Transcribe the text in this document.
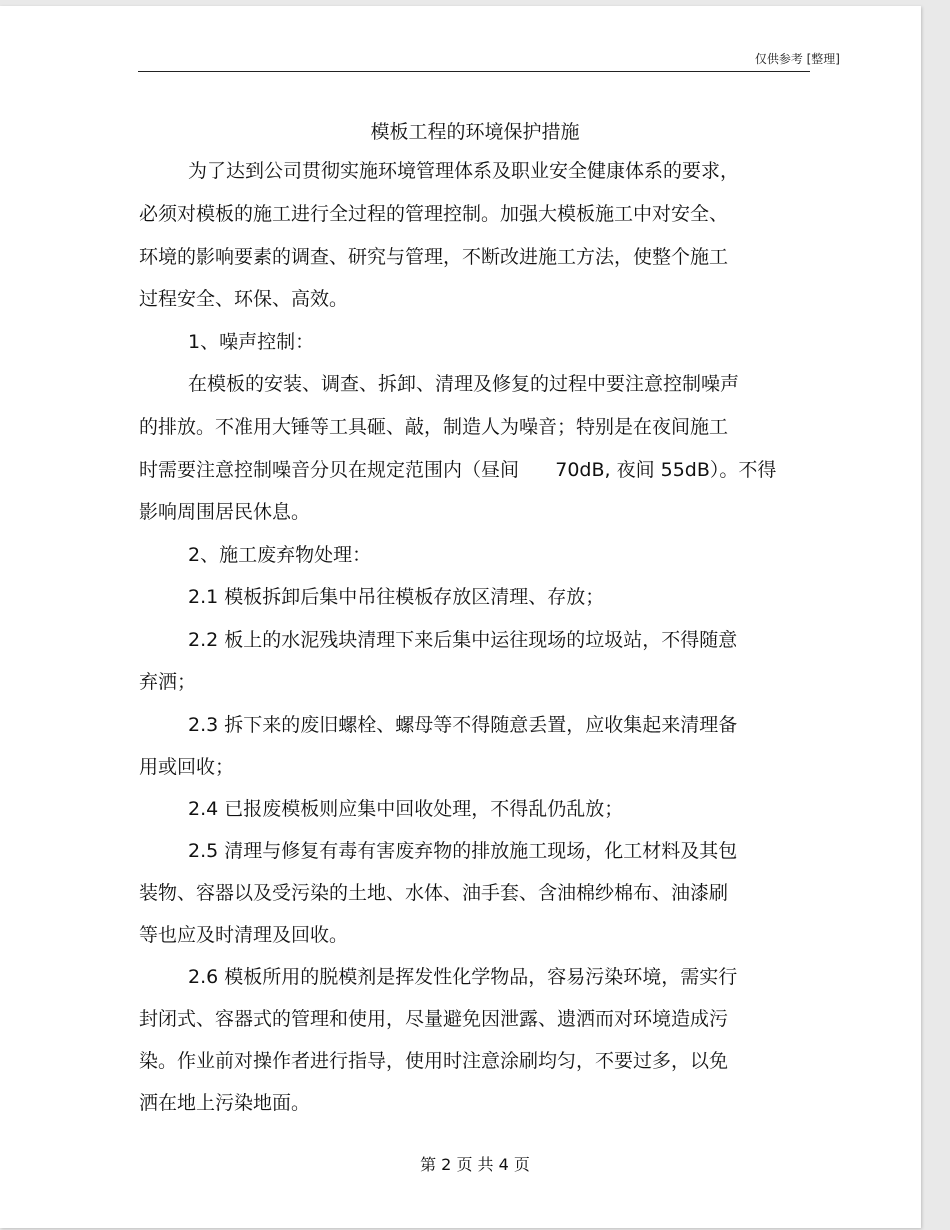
仅供参考 [整理]
模板工程的环境保护措施
为了达到公司贯彻实施环境管理体系及职业安全健康体系的要求，
必须对模板的施工进行全过程的管理控制。加强大模板施工中对安全、
环境的影响要素的调查、研究与管理，不断改进施工方法，使整个施工
过程安全、环保、高效。
1、噪声控制：
在模板的安装、调查、拆卸、清理及修复的过程中要注意控制噪声
的排放。不准用大锤等工具砸、敲，制造人为噪音；特别是在夜间施工
时需要注意控制噪音分贝在规定范围内（昼间      70dB, 夜间 55dB）。不得
影响周围居民休息。
2、施工废弃物处理：
2.1 模板拆卸后集中吊往模板存放区清理、存放；
2.2 板上的水泥残块清理下来后集中运往现场的垃圾站，不得随意
弃洒；
2.3 拆下来的废旧螺栓、螺母等不得随意丢置，应收集起来清理备
用或回收；
2.4 已报废模板则应集中回收处理，不得乱仍乱放；
2.5 清理与修复有毒有害废弃物的排放施工现场，化工材料及其包
装物、容器以及受污染的土地、水体、油手套、含油棉纱棉布、油漆刷
等也应及时清理及回收。
2.6 模板所用的脱模剂是挥发性化学物品，容易污染环境，需实行
封闭式、容器式的管理和使用，尽量避免因泄露、遗洒而对环境造成污
染。作业前对操作者进行指导，使用时注意涂刷均匀，不要过多，以免
洒在地上污染地面。
第 2 页 共 4 页
